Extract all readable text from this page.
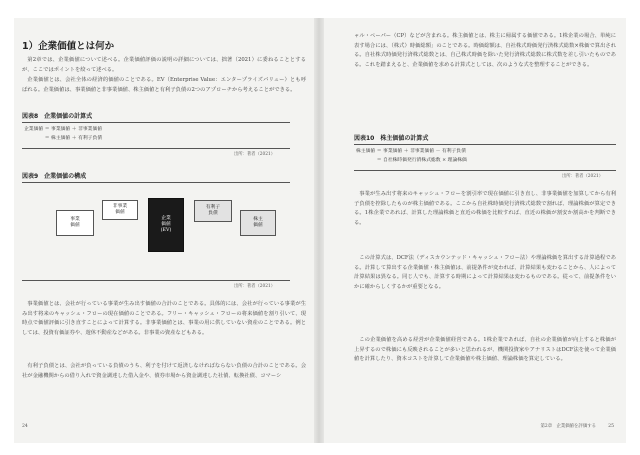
1）企業価値とは何か
第2章では、企業価値について述べる。企業価値評価の説明の詳細については、拙著（2021）に委ねることとするが、ここではポイントを絞って述べる。
企業価値とは、会社全体の経済的価値のことである。EV（Enterprise Value：エンタープライズバリュー）とも呼ばれる。企業価値は、事業価値と非事業価値、株主価値と有利子負債の2つのアプローチから考えることができる。
図表8　企業価値の計算式
企業価値 ＝ 事業価値 ＋ 非事業価値
　　　　 ＝ 株主価値 ＋ 有利子負債
出所：著者（2021）
図表9　企業価値の構成
事業
価値
非事業
価値
企業
価値
(EV)
有利子
負債
株主
価値
出所：著者（2021）
事業価値とは、会社が行っている事業が生み出す価値の合計のことである。具体的には、会社が行っている事業が生み出す将来のキャッシュ・フローの現在価値のことである。フリー・キャッシュ・フローの将来価値を割り引いて、現時点で価値評価に引き直すことによって計算する。非事業価値とは、事業の用に供していない資産のことである。例としては、投資有価証券や、遊休不動産などがある。非事業の資産などもある。
有利子負債とは、会社が負っている負債のうち、利子を付けて返済しなければならない負債の合計のことである。会社が金融機関からの借り入れで資金調達した借入金や、債券市場から資金調達した社債、転換社債、コマーシ
24
ャル・ペーパー（CP）などが含まれる。株主価値とは、株主に帰属する価値である。1株企業の場合、単純に表す場合には、（株式）時価総額」のことである。時価総額は、自社株式時価発行済株式総数×株価で算出される。自社株式時価発行済株式総数とは、自己株式時価を除いた発行済株式総数に株式数を差し引いたものである。これを踏まえると、企業価値を求める計算式としては、次のような式を整理することができる。
図表10　株主価値の計算式
株主価値 ＝ 事業価値 ＋ 非事業価値 － 有利子負債
　　　　 ＝ 自社株時価発行済株式総数 × 理論株価
出所：著者（2021）
事業が生み出す将来のキャッシュ・フローを割引率で現在価値に引き直し、非事業価値を加算してから有利子負債を控除したものが株主価値である。ここから自社株時価発行済株式総数で割れば、理論株価が算定できる。1株企業であれば、計算した理論株価と直近の株価を比較すれば、直近の株価が割安か割高かを判断できる。
この計算式は、DCF法（ディスカウンテッド・キャッシュ・フロー法）や理論株価を算出する計算過程である。計算して算出する企業価値・株主価値は、前提条件が変われば、計算結果も変わることから、人によって計算結果は異なる。同じ人でも、計算する時期によって計算結果は変わるものである。従って、前提条件をいかに確からしくするかが重要となる。
この企業価値を高める経営が企業価値経営である。1株企業であれば、自社の企業価値が向上すると株価が上昇するので株価にも反映されることが多いと思われるが、機関投資家やアナリストはDCF法を使って企業価値を計算したり、資本コストを計算して企業価値や株主価値、理論株価を算定している。
第2章　企業価値を評価する	25
